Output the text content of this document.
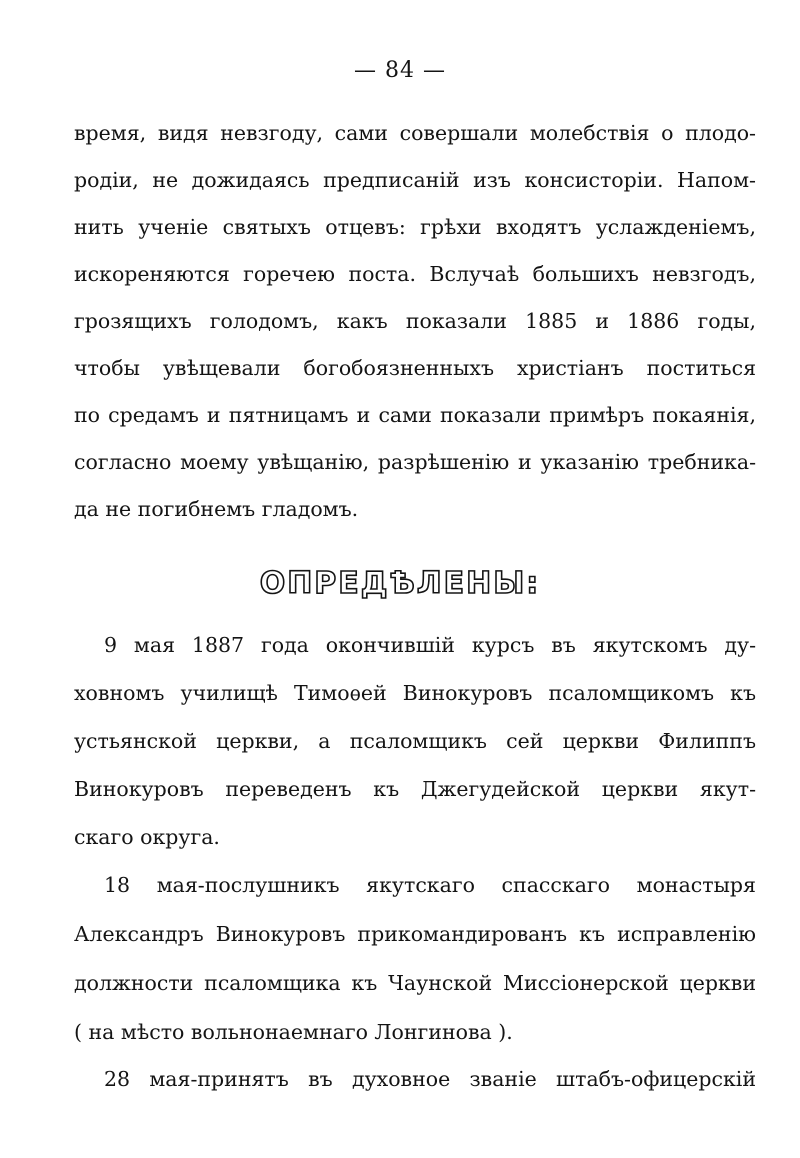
— 84 —
время, видя невзгоду, сами совершали молебствія о плодо-
родіи, не дожидаясь предписаній изъ консисторіи. Напом-
нить ученіе святыхъ отцевъ: грѣхи входятъ услажденіемъ,
искореняются горечею поста. Вслучаѣ большихъ невзгодъ,
грозящихъ голодомъ, какъ показали 1885 и 1886 годы,
чтобы увѣщевали богобоязненныхъ христіанъ поститься
по средамъ и пятницамъ и сами показали примѣръ покаянія,
согласно моему увѣщанію, разрѣшенію и указанію требника-
да не погибнемъ гладомъ.
ОПРЕДѢЛЕНЫ:
9 мая 1887 года окончившій курсъ въ якутскомъ ду-
ховномъ училищѣ Тимоѳей Винокуровъ псаломщикомъ къ
устьянской церкви, а псаломщикъ сей церкви Филиппъ
Винокуровъ переведенъ къ Джегудейской церкви якут-
скаго округа.
18 мая-послушникъ якутскаго спасскаго монастыря
Александръ Винокуровъ прикомандированъ къ исправленію
должности псаломщика къ Чаунской Миссіонерской церкви
( на мѣсто вольнонаемнаго Лонгинова ).
28 мая-принятъ въ духовное званіе штабъ-офицерскій
